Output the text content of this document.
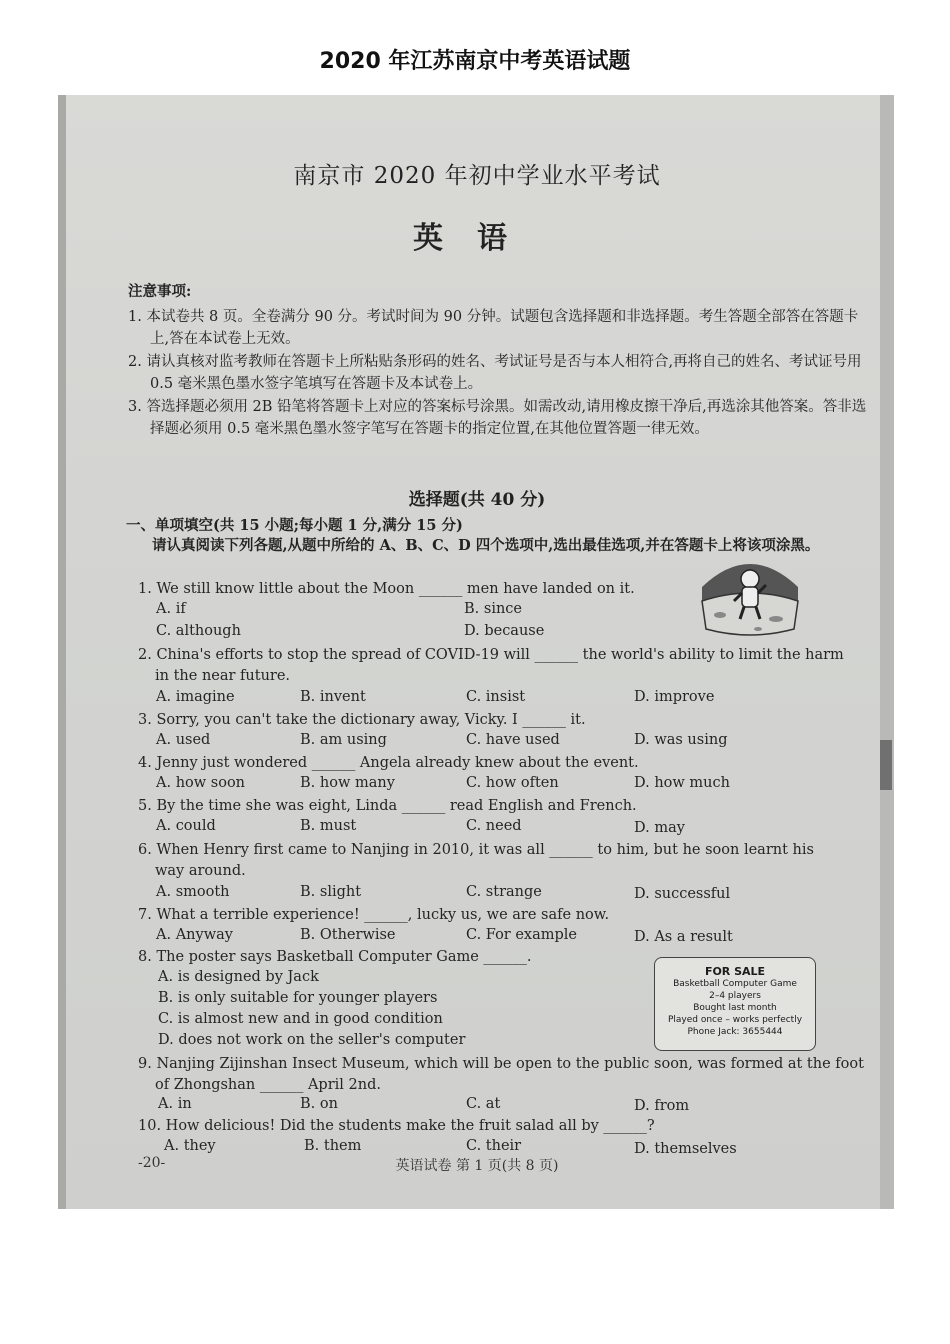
2020 年江苏南京中考英语试题
南京市 2020 年初中学业水平考试
英语
注意事项:
1. 本试卷共 8 页。全卷满分 90 分。考试时间为 90 分钟。试题包含选择题和非选择题。考生答题全部答在答题卡上,答在本试卷上无效。
2. 请认真核对监考教师在答题卡上所粘贴条形码的姓名、考试证号是否与本人相符合,再将自己的姓名、考试证号用 0.5 毫米黑色墨水签字笔填写在答题卡及本试卷上。
3. 答选择题必须用 2B 铅笔将答题卡上对应的答案标号涂黑。如需改动,请用橡皮擦干净后,再选涂其他答案。答非选择题必须用 0.5 毫米黑色墨水签字笔写在答题卡的指定位置,在其他位置答题一律无效。
选择题(共 40 分)
一、单项填空(共 15 小题;每小题 1 分,满分 15 分)
请认真阅读下列各题,从题中所给的 A、B、C、D 四个选项中,选出最佳选项,并在答题卡上将该项涂黑。
1. We still know little about the Moon ______ men have landed on it.
A. if	B. since
C. although	D. because
2. China's efforts to stop the spread of COVID-19 will ______ the world's ability to limit the harm
in the near future.
A. imagine	B. invent	C. insist	D. improve
3. Sorry, you can't take the dictionary away, Vicky. I ______ it.
A. used	B. am using	C. have used	D. was using
4. Jenny just wondered ______ Angela already knew about the event.
A. how soon	B. how many	C. how often	D. how much
5. By the time she was eight, Linda ______ read English and French.
A. could	B. must	C. need	D. may
6. When Henry first came to Nanjing in 2010, it was all ______ to him, but he soon learnt his
way around.
A. smooth	B. slight	C. strange	D. successful
7. What a terrible experience! ______, lucky us, we are safe now.
A. Anyway	B. Otherwise	C. For example	D. As a result
8. The poster says Basketball Computer Game ______.
A. is designed by Jack
B. is only suitable for younger players
C. is almost new and in good condition
D. does not work on the seller's computer
FOR SALE
Basketball Computer Game
2–4 players
Bought last month
Played once – works perfectly
Phone Jack: 3655444
9. Nanjing Zijinshan Insect Museum, which will be open to the public soon, was formed at the foot
of Zhongshan ______ April 2nd.
A. in	B. on	C. at	D. from
10. How delicious! Did the students make the fruit salad all by ______?
A. they	B. them	C. their	D. themselves
-20-	英语试卷 第 1 页(共 8 页)
